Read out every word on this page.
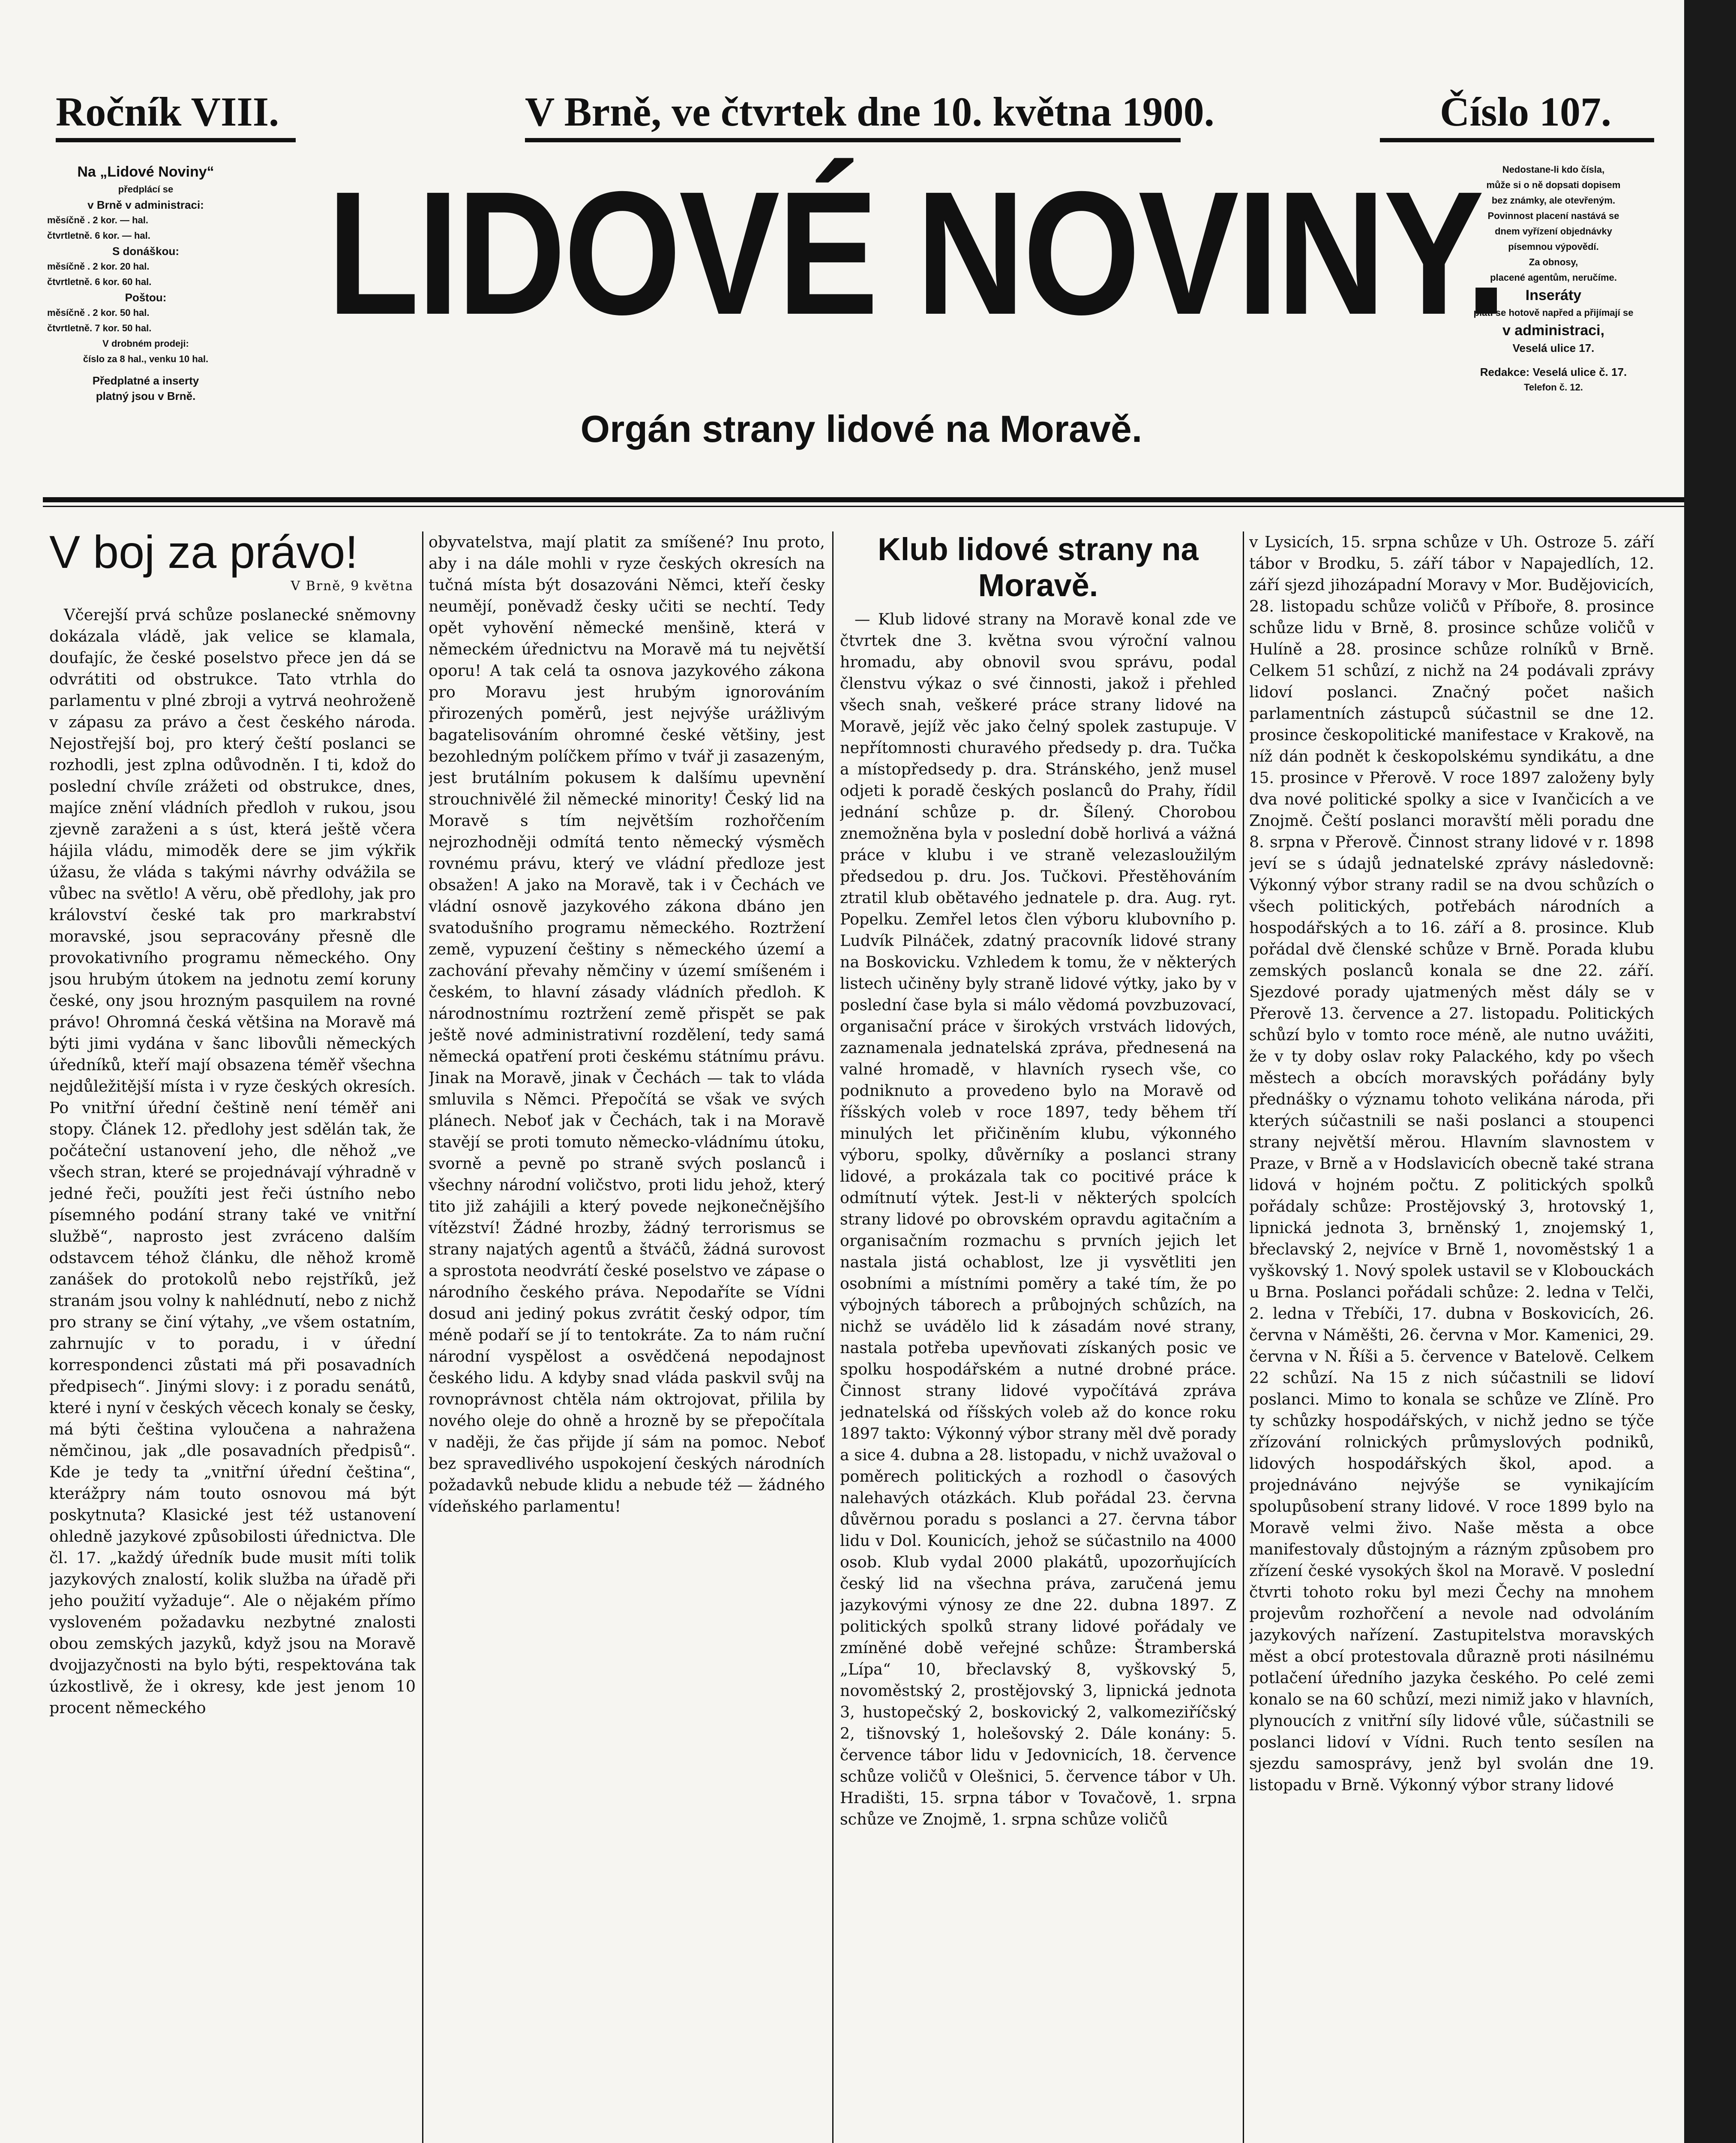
Ročník VIII.	V Brně, ve čtvrtek dne 10. května 1900.	Číslo 107.

Na „Lidové Noviny“

předplácí se

v Brně v administraci:

měsíčně . 2 kor. — hal.

čtvrtletně. 6 kor. — hal.

S donáškou:

měsíčně . 2 kor. 20 hal.

čtvrtletně. 6 kor. 60 hal.

Poštou:

měsíčně . 2 kor. 50 hal.

čtvrtletně. 7 kor. 50 hal.

V drobném prodeji:

číslo za 8 hal., venku 10 hal.

Předplatné a inserty

platný jsou v Brně.

LIDOVÉ NOVINY.
Orgán strany lidové na Moravě.

Nedostane-li kdo čísla,

může si o ně dopsati dopisem

bez známky, ale otevřeným.

Povinnost placení nastává se

dnem vyřízení objednávky

písemnou výpovědí.

Za obnosy,

placené agentům, neručíme.

Inseráty

platí se hotově napřed a přijímají se

v administraci,

Veselá ulice 17.

Redakce: Veselá ulice č. 17.

Telefon č. 12.

V boj za právo!
V Brně, 9 května

Včerejší prvá schůze poslanecké sněmovny dokázala vládě, jak velice se klamala, doufajíc, že české poselstvo přece jen dá se odvrátiti od obstrukce. Tato vtrhla do parlamentu v plné zbroji a vytrvá neohroženě v zápasu za právo a čest českého národa. Nejostřejší boj, pro který čeští poslanci se rozhodli, jest zplna odůvodněn. I ti, kdož do poslední chvíle zrážeti od obstrukce, dnes, majíce znění vládních předloh v rukou, jsou zjevně zaraženi a s úst, která ještě včera hájila vládu, mimoděk dere se jim výkřik úžasu, že vláda s takými návrhy odvážila se vůbec na světlo! A věru, obě předlohy, jak pro království české tak pro markrabství moravské, jsou sepracovány přesně dle provokativního programu německého. Ony jsou hrubým útokem na jednotu zemí koruny české, ony jsou hrozným pasquilem na rovné právo! Ohromná česká většina na Moravě má býti jimi vydána v šanc libovůli německých úředníků, kteří mají obsazena téměř všechna nejdůležitější místa i v ryze českých okresích. Po vnitřní úřední češtině není téměř ani stopy. Článek 12. předlohy jest sdělán tak, že počáteční ustanovení jeho, dle něhož „ve všech stran, které se projednávají výhradně v jedné řeči, použíti jest řeči ústního nebo písemného podání strany také ve vnitřní službě“, naprosto jest zvráceno dalším odstavcem téhož článku, dle něhož kromě zanášek do protokolů nebo rejstříků, jež stranám jsou volny k nahlédnutí, nebo z nichž pro strany se činí výtahy, „ve všem ostatním, zahrnujíc v to poradu, i v úřední korrespondenci zůstati má při posavadních předpisech“. Jinými slovy: i z poradu senátů, které i nyní v českých věcech konaly se česky, má býti čeština vyloučena a nahražena němčinou, jak „dle posavadních předpisů“. Kde je tedy ta „vnitřní úřední čeština“, kterážpry nám touto osnovou má být poskytnuta? Klasické jest též ustanovení ohledně jazykové způsobilosti úřednictva. Dle čl. 17. „každý úředník bude musit míti tolik jazykových znalostí, kolik služba na úřadě při jeho použití vyžaduje“. Ale o nějakém přímo vysloveném požadavku nezbytné znalosti obou zemských jazyků, když jsou na Moravě dvojjazyčnosti na bylo býti, respektována tak úzkostlivě, že i okresy, kde jest jenom 10 procent německého

obyvatelstva, mají platit za smíšené? Inu proto, aby i na dále mohli v ryze českých okresích na tučná místa být dosazováni Němci, kteří česky neumějí, poněvadž česky učiti se nechtí. Tedy opět vyhovění německé menšině, která v německém úřednictvu na Moravě má tu největší oporu! A tak celá ta osnova jazykového zákona pro Moravu jest hrubým ignorováním přirozených poměrů, jest nejvýše urážlivým bagatelisováním ohromné české většiny, jest bezohledným políčkem přímo v tvář ji zasazeným, jest brutálním pokusem k dalšímu upevnění strouchnivělé žil německé minority! Český lid na Moravě s tím největším rozhořčením nejrozhodněji odmítá tento německý výsměch rovnému právu, který ve vládní předloze jest obsažen! A jako na Moravě, tak i v Čechách ve vládní osnově jazykového zákona dbáno jen svatodušního programu německého. Roztržení země, vypuzení češtiny s německého území a zachování převahy němčiny v území smíšeném i českém, to hlavní zásady vládních předloh. K národnostnímu roztržení země přispět se pak ještě nové administrativní rozdělení, tedy samá německá opatření proti českému státnímu právu. Jinak na Moravě, jinak v Čechách — tak to vláda smluvila s Němci. Přepočítá se však ve svých plánech. Neboť jak v Čechách, tak i na Moravě stavějí se proti tomuto německo-vládnímu útoku, svorně a pevně po straně svých poslanců i všechny národní voličstvo, proti lidu jehož, který tito již zahájili a který povede nejkonečnějšího vítězství! Žádné hrozby, žádný terrorismus se strany najatých agentů a štváčů, žádná surovost a sprostota neodvrátí české poselstvo ve zápase o národního českého práva. Nepodaříte se Vídni dosud ani jediný pokus zvrátit český odpor, tím méně podaří se jí to tentokráte. Za to nám ruční národní vyspělost a osvědčená nepodajnost českého lidu. A kdyby snad vláda paskvil svůj na rovnoprávnost chtěla nám oktrojovat, přilila by nového oleje do ohně a hrozně by se přepočítala v naději, že čas přijde jí sám na pomoc. Neboť bez spravedlivého uspokojení českých národních požadavků nebude klidu a nebude též — žádného vídeňského parlamentu!

Klub lidové strany na
Moravě.

— Klub lidové strany na Moravě konal zde ve čtvrtek dne 3. května svou výroční valnou hromadu, aby obnovil svou správu, podal členstvu výkaz o své činnosti, jakož i přehled všech snah, veškeré práce strany lidové na Moravě, jejíž věc jako čelný spolek zastupuje. V nepřítomnosti churavého předsedy p. dra. Tučka a místopředsedy p. dra. Stránského, jenž musel odjeti k poradě českých poslanců do Prahy, řídil jednání schůze p. dr. Šílený. Chorobou znemožněna byla v poslední době horlivá a vážná práce v klubu i ve straně velezasloužilým předsedou p. dru. Jos. Tučkovi. Přestěhováním ztratil klub obětavého jednatele p. dra. Aug. ryt. Popelku. Zemřel letos člen výboru klubovního p. Ludvík Pilnáček, zdatný pracovník lidové strany na Boskovicku. Vzhledem k tomu, že v některých listech učiněny byly straně lidové výtky, jako by v poslední čase byla si málo vědomá povzbuzovací, organisační práce v širokých vrstvách lidových, zaznamenala jednatelská zpráva, přednesená na valné hromadě, v hlavních rysech vše, co podniknuto a provedeno bylo na Moravě od říšských voleb v roce 1897, tedy během tří minulých let přičiněním klubu, výkonného výboru, spolky, důvěrníky a poslanci strany lidové, a prokázala tak co pocitivé práce k odmítnutí výtek. Jest-li v některých spolcích strany lidové po obrovském opravdu agitačním a organisačním rozmachu s prvních jejich let nastala jistá ochablost, lze ji vysvětliti jen osobními a místními poměry a také tím, že po výbojných táborech a průbojných schůzích, na nichž se uvádělo lid k zásadám nové strany, nastala potřeba upevňovati získaných posic ve spolku hospodářském a nutné drobné práce. Činnost strany lidové vypočítává zpráva jednatelská od říšských voleb až do konce roku 1897 takto: Výkonný výbor strany měl dvě porady a sice 4. dubna a 28. listopadu, v nichž uvažoval o poměrech politických a rozhodl o časových nalehavých otázkách. Klub pořádal 23. června důvěrnou poradu s poslanci a 27. června tábor lidu v Dol. Kounicích, jehož se súčastnilo na 4000 osob. Klub vydal 2000 plakátů, upozorňujících český lid na všechna práva, zaručená jemu jazykovými výnosy ze dne 22. dubna 1897. Z politických spolků strany lidové pořádaly ve zmíněné době veřejné schůze: Štramberská „Lípa“ 10, břeclavský 8, vyškovský 5, novoměstský 2, prostějovský 3, lipnická jednota 3, hustopečský 2, boskovický 2, valkomeziříčský 2, tišnovský 1, holešovský 2. Dále konány: 5. července tábor lidu v Jedovnicích, 18. července schůze voličů v Olešnici, 5. července tábor v Uh. Hradišti, 15. srpna tábor v Tovačově, 1. srpna schůze ve Znojmě, 1. srpna schůze voličů

v Lysicích, 15. srpna schůze v Uh. Ostroze 5. září tábor v Brodku, 5. září tábor v Napajedlích, 12. září sjezd jihozápadní Moravy v Mor. Budějovicích, 28. listopadu schůze voličů v Příboře, 8. prosince schůze lidu v Brně, 8. prosince schůze voličů v Hulíně a 28. prosince schůze rolníků v Brně. Celkem 51 schůzí, z nichž na 24 podávali zprávy lidoví poslanci. Značný počet našich parlamentních zástupců súčastnil se dne 12. prosince českopolitické manifestace v Krakově, na níž dán podnět k českopolskému syndikátu, a dne 15. prosince v Přerově. V roce 1897 založeny byly dva nové politické spolky a sice v Ivančicích a ve Znojmě. Čeští poslanci moravští měli poradu dne 8. srpna v Přerově. Činnost strany lidové v r. 1898 jeví se s údajů jednatelské zprávy následovně: Výkonný výbor strany radil se na dvou schůzích o všech politických, potřebách národních a hospodářských a to 16. září a 8. prosince. Klub pořádal dvě členské schůze v Brně. Porada klubu zemských poslanců konala se dne 22. září. Sjezdové porady ujatmených měst dály se v Přerově 13. července a 27. listopadu. Politických schůzí bylo v tomto roce méně, ale nutno uvážiti, že v ty doby oslav roky Palackého, kdy po všech městech a obcích moravských pořádány byly přednášky o významu tohoto velikána národa, při kterých súčastnili se naši poslanci a stoupenci strany největší měrou. Hlavním slavnostem v Praze, v Brně a v Hodslavicích obecně také strana lidová v hojném počtu. Z politických spolků pořádaly schůze: Prostějovský 3, hrotovský 1, lipnická jednota 3, brněnský 1, znojemský 1, břeclavský 2, nejvíce v Brně 1, novoměstský 1 a vyškovský 1. Nový spolek ustavil se v Klobouckách u Brna. Poslanci pořádali schůze: 2. ledna v Telči, 2. ledna v Třebíči, 17. dubna v Boskovicích, 26. června v Náměšti, 26. června v Mor. Kamenici, 29. června v N. Říši a 5. července v Batelově. Celkem 22 schůzí. Na 15 z nich súčastnili se lidoví poslanci. Mimo to konala se schůze ve Zlíně. Pro ty schůzky hospodářských, v nichž jedno se týče zřízování rolnických průmyslových podniků, lidových hospodářských škol, apod. a projednáváno nejvýše se vynikajícím spolupůsobení strany lidové. V roce 1899 bylo na Moravě velmi živo. Naše města a obce manifestovaly důstojným a rázným způsobem pro zřízení české vysokých škol na Moravě. V poslední čtvrti tohoto roku byl mezi Čechy na mnohem projevům rozhořčení a nevole nad odvoláním jazykových nařízení. Zastupitelstva moravských měst a obcí protestovala důrazně proti násilnému potlačení úředního jazyka českého. Po celé zemi konalo se na 60 schůzí, mezi nimiž jako v hlavních, plynoucích z vnitřní síly lidové vůle, súčastnili se poslanci lidoví v Vídni. Ruch tento sesílen na sjezdu samosprávy, jenž byl svolán dne 19. listopadu v Brně. Výkonný výbor strany lidové
